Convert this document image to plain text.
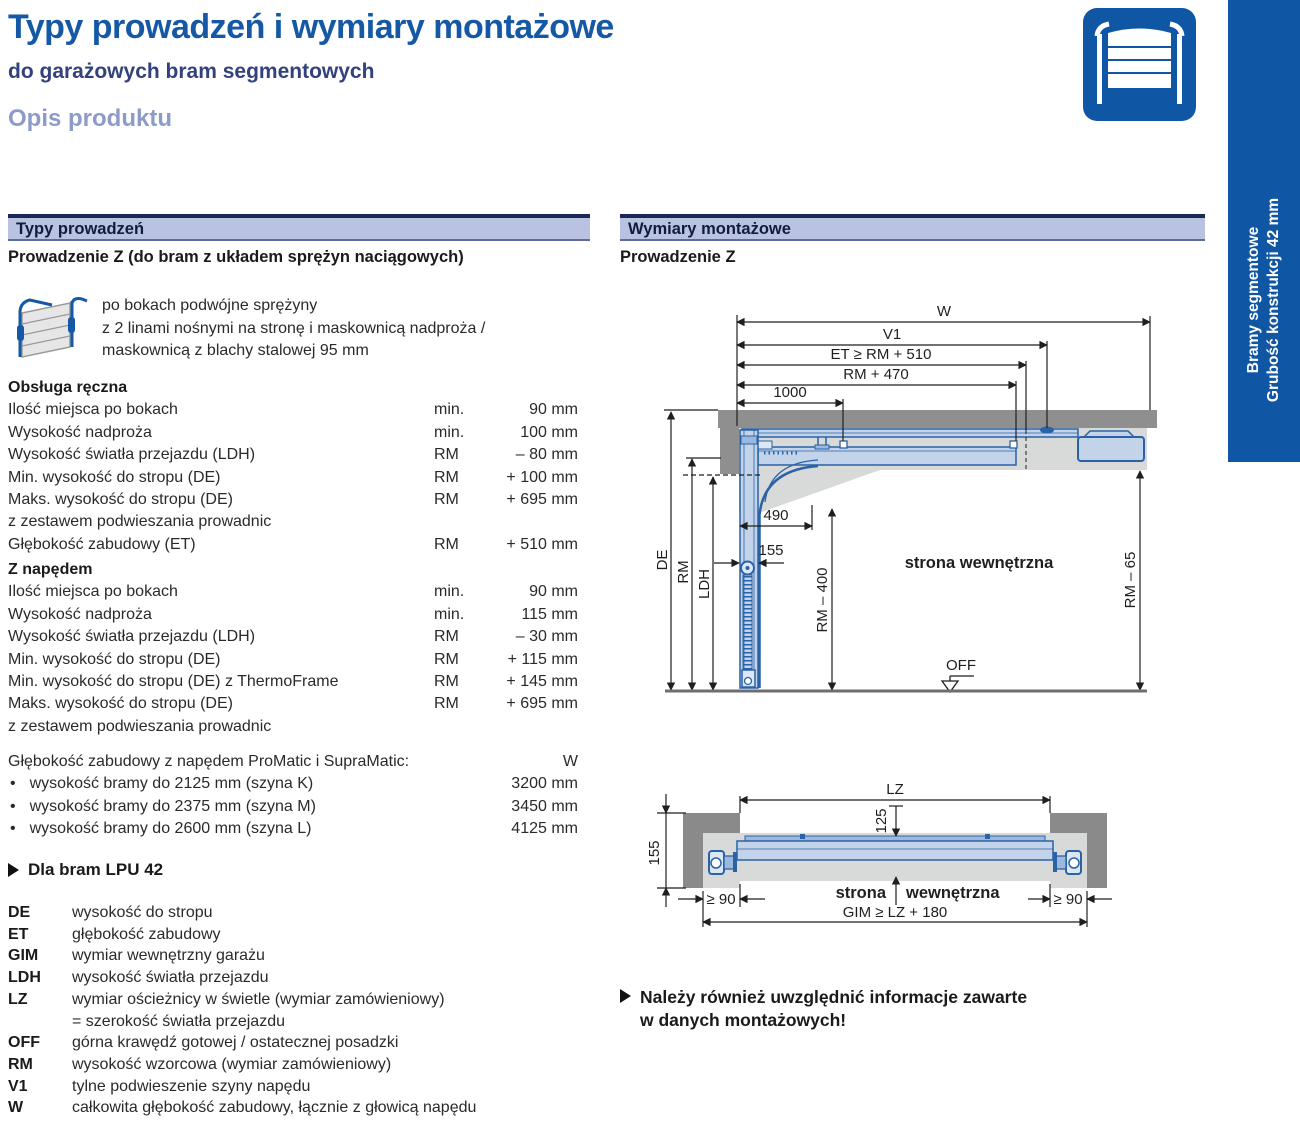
Typy prowadzeń i wymiary montażowe
do garażowych bram segmentowych
Opis produktu
Bramy segmentowe Grubość konstrukcji 42 mm
Typy prowadzeń
Prowadzenie Z (do bram z układem sprężyn naciągowych)
po bokach podwójne sprężyny
z 2 linami nośnymi na stronę i maskownicą nadproża /
maskownicą z blachy stalowej 95 mm
Obsługa ręczna
Ilość miejsca po bokach	min.	90 mm
Wysokość nadproża	min.	100 mm
Wysokość światła przejazdu (LDH)	RM	– 80 mm
Min. wysokość do stropu (DE)	RM	+ 100 mm
Maks. wysokość do stropu (DE)	RM	+ 695 mm
z zestawem podwieszania prowadnic
Głębokość zabudowy (ET)	RM	+ 510 mm
Z napędem
Ilość miejsca po bokach	min.	90 mm
Wysokość nadproża	min.	115 mm
Wysokość światła przejazdu (LDH)	RM	– 30 mm
Min. wysokość do stropu (DE)	RM	+ 115 mm
Min. wysokość do stropu (DE) z ThermoFrame	RM	+ 145 mm
Maks. wysokość do stropu (DE)	RM	+ 695 mm
z zestawem podwieszania prowadnic
Głębokość zabudowy z napędem ProMatic i SupraMatic:	W
• wysokość bramy do 2125 mm (szyna K)	3200 mm
• wysokość bramy do 2375 mm (szyna M)	3450 mm
• wysokość bramy do 2600 mm (szyna L)	4125 mm
Dla bram LPU 42
DE	wysokość do stropu
ET	głębokość zabudowy
GIM	wymiar wewnętrzny garażu
LDH	wysokość światła przejazdu
LZ	wymiar ościeżnicy w świetle (wymiar zamówieniowy)
= szerokość światła przejazdu
OFF	górna krawędź gotowej / ostatecznej posadzki
RM	wysokość wzorcowa (wymiar zamówieniowy)
V1	tylne podwieszenie szyny napędu
W	całkowita głębokość zabudowy, łącznie z głowicą napędu
Wymiary montażowe
Prowadzenie Z
W
V1
ET ≥ RM + 510
RM + 470
1000
DE
RM LDH	RM – 400	RM – 65
490
155
strona wewnętrzna
OFF
LZ
125
155
≥ 90	≥ 90
GIM ≥ LZ + 180
strona wewnętrzna
Należy również uwzględnić informacje zawarte
w danych montażowych!
